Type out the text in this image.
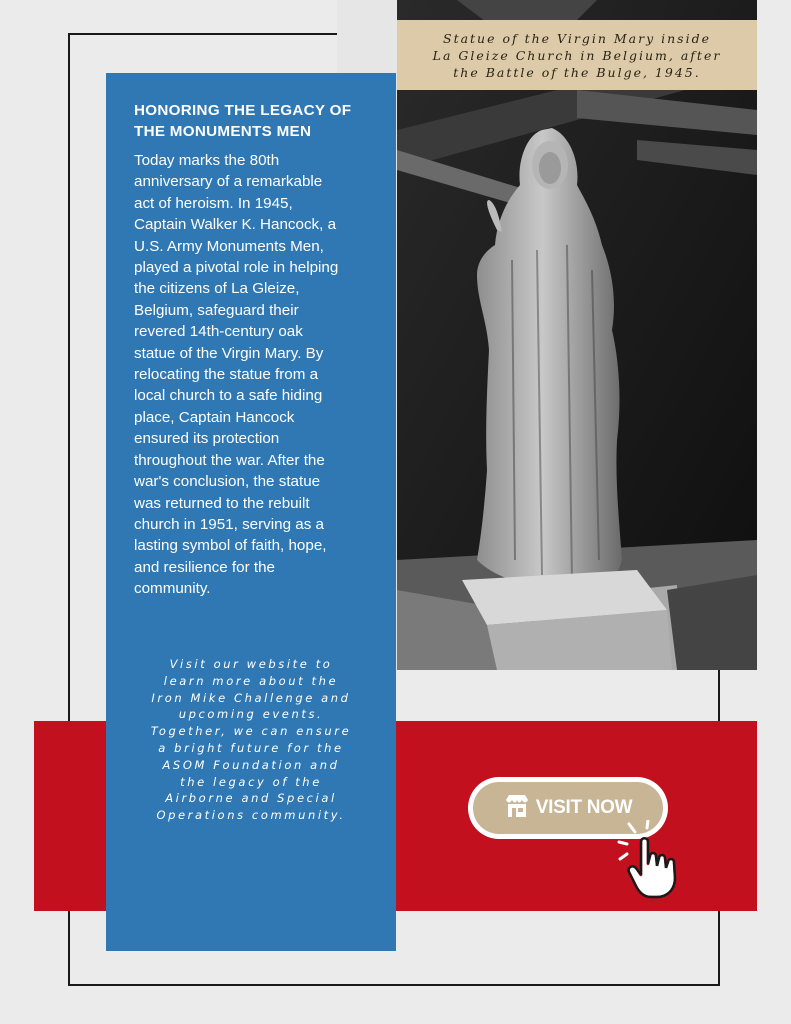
Statue of the Virgin Mary inside
La Gleize Church in Belgium, after
the Battle of the Bulge, 1945.
HONORING THE LEGACY OF
THE MONUMENTS MEN
Today marks the 80th
anniversary of a remarkable
act of heroism. In 1945,
Captain Walker K. Hancock, a
U.S. Army Monuments Men,
played a pivotal role in helping
the citizens of La Gleize,
Belgium, safeguard their
revered 14th-century oak
statue of the Virgin Mary. By
relocating the statue from a
local church to a safe hiding
place, Captain Hancock
ensured its protection
throughout the war. After the
war's conclusion, the statue
was returned to the rebuilt
church in 1951, serving as a
lasting symbol of faith, hope,
and resilience for the
community.
Visit our website to
learn more about the
Iron Mike Challenge and
upcoming events.
Together, we can ensure
a bright future for the
ASOM Foundation and
the legacy of the
Airborne and Special
Operations community.	VISIT NOW
